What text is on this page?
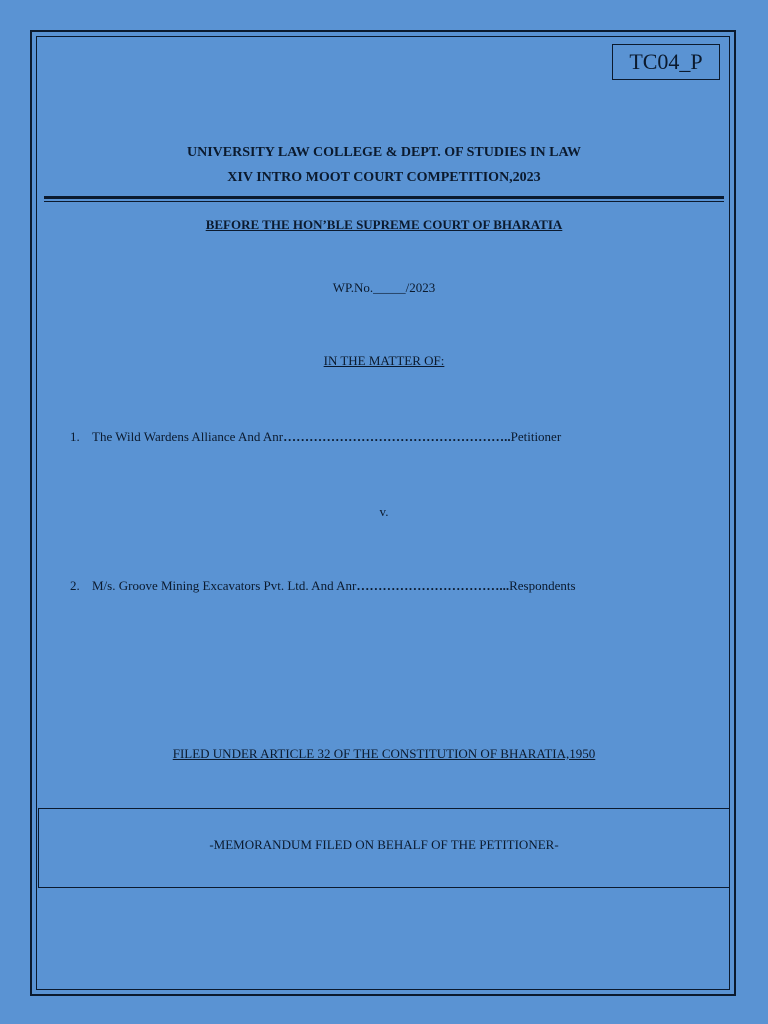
TC04_P
UNIVERSITY LAW COLLEGE & DEPT. OF STUDIES IN LAW
XIV INTRO MOOT COURT COMPETITION,2023
BEFORE THE HON’BLE SUPREME COURT OF BHARATIA
WP.No._____/2023
IN THE MATTER OF:
1. The Wild Wardens Alliance And Anr……………………………………………..Petitioner
v.
2. M/s. Groove Mining Excavators Pvt. Ltd. And Anr……………………………...Respondents
FILED UNDER ARTICLE 32 OF THE CONSTITUTION OF BHARATIA,1950
-MEMORANDUM FILED ON BEHALF OF THE PETITIONER-
